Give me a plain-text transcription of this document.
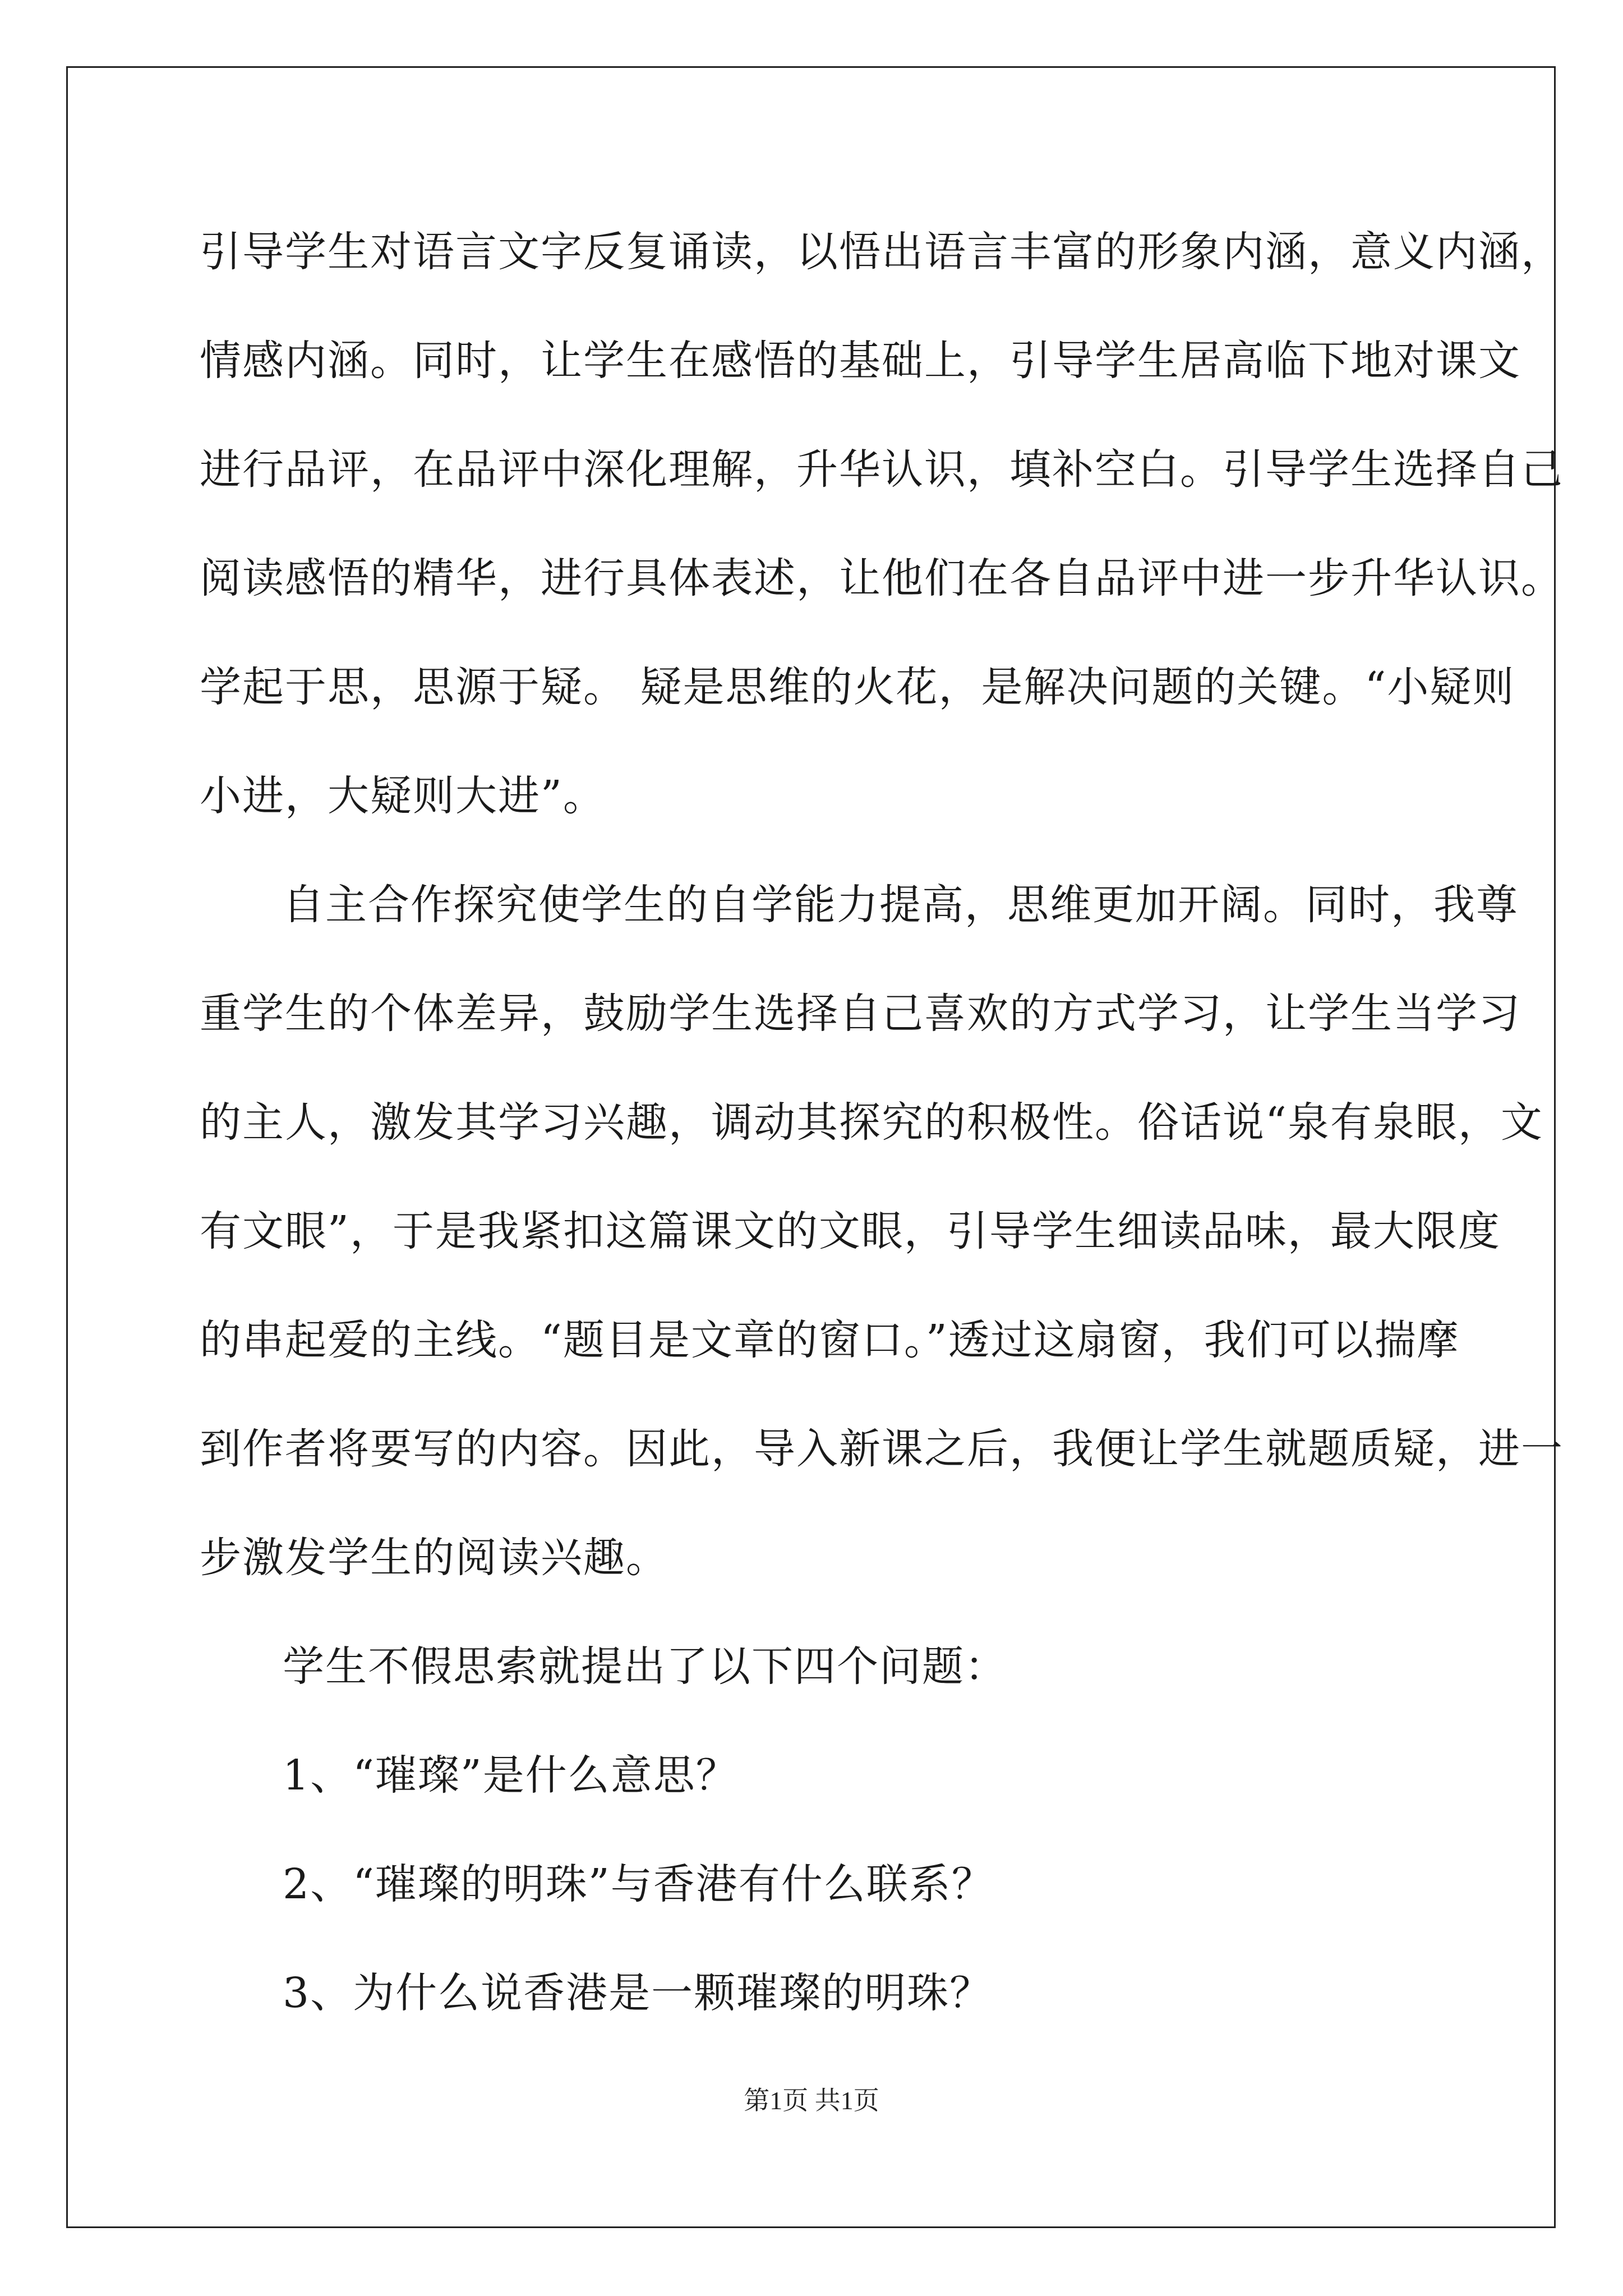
引导学生对语言文字反复诵读，以悟出语言丰富的形象内涵，意义内涵，
情感内涵。同时，让学生在感悟的基础上，引导学生居高临下地对课文
进行品评，在品评中深化理解，升华认识，填补空白。引导学生选择自己
阅读感悟的精华，进行具体表述，让他们在各自品评中进一步升华认识。
学起于思，思源于疑。 疑是思维的火花，是解决问题的关键。“小疑则
小进，大疑则大进”。
自主合作探究使学生的自学能力提高，思维更加开阔。同时，我尊
重学生的个体差异，鼓励学生选择自己喜欢的方式学习，让学生当学习
的主人，激发其学习兴趣，调动其探究的积极性。俗话说“泉有泉眼，文
有文眼”，于是我紧扣这篇课文的文眼，引导学生细读品味，最大限度
的串起爱的主线。“题目是文章的窗口。”透过这扇窗，我们可以揣摩
到作者将要写的内容。因此，导入新课之后，我便让学生就题质疑，进一
步激发学生的阅读兴趣。
学生不假思索就提出了以下四个问题：
1、“璀璨”是什么意思？
2、“璀璨的明珠”与香港有什么联系？
3、为什么说香港是一颗璀璨的明珠？
第1页 共1页
